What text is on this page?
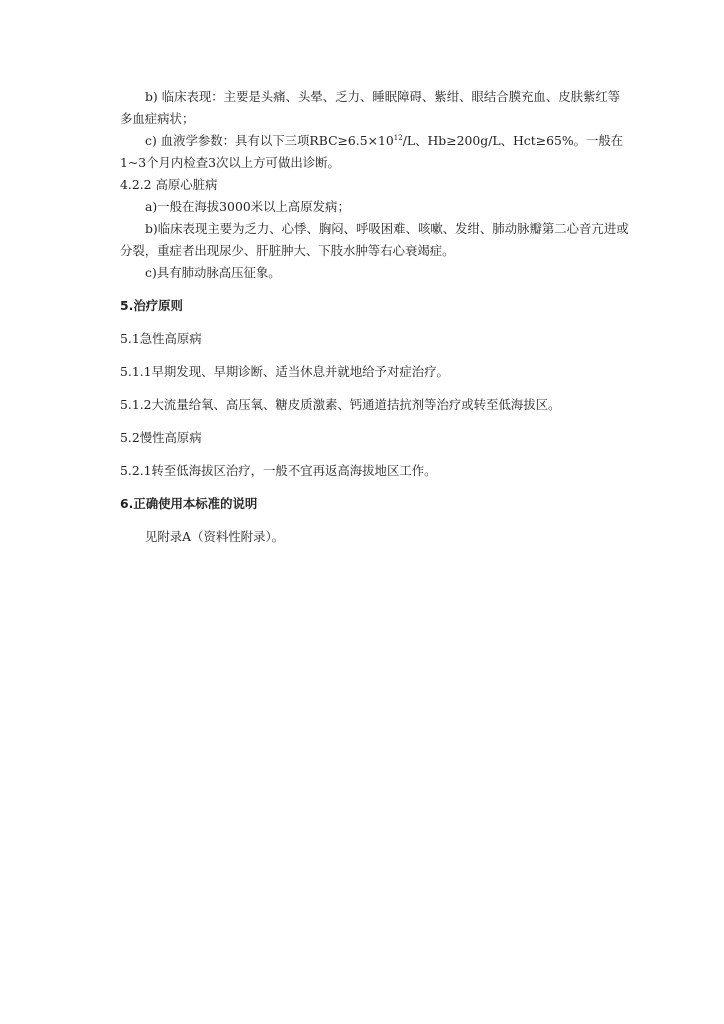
b) 临床表现：主要是头痛、头晕、乏力、睡眠障碍、紫绀、眼结合膜充血、皮肤紫红等多血症病状；

c) 血液学参数：具有以下三项$RBC\ge 6.5\times 10^{12}/L$、Hb≥200g/L、Hct≥65%。一般在1~3个月内检查3次以上方可做出诊断。

4.2.2 高原心脏病

a)一般在海拔3000米以上高原发病；

b)临床表现主要为乏力、心悸、胸闷、呼吸困难、咳嗽、发绀、肺动脉瓣第二心音亢进或分裂，重症者出现尿少、肝脏肿大、下肢水肿等右心衰竭症。

c)具有肺动脉高压征象。

5.治疗原则

5.1急性高原病

5.1.1早期发现、早期诊断、适当休息并就地给予对症治疗。

5.1.2大流量给氧、高压氧、糖皮质激素、钙通道拮抗剂等治疗或转至低海拔区。

5.2慢性高原病

5.2.1转至低海拔区治疗，一般不宜再返高海拔地区工作。

6.正确使用本标准的说明

见附录A（资料性附录）。
